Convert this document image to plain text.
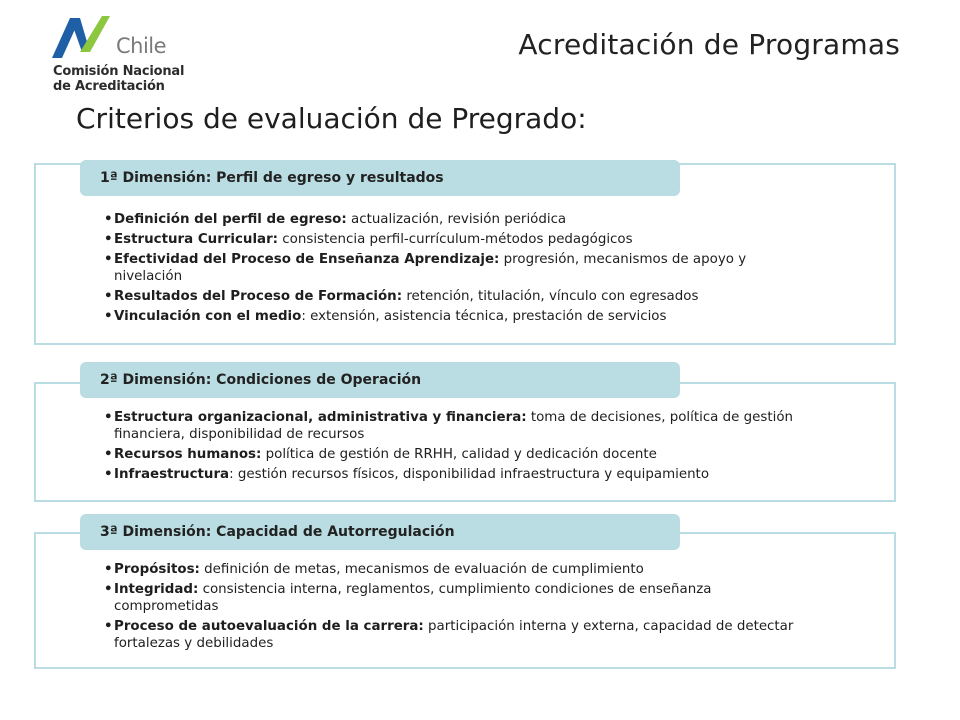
Chile
Comisión Nacional
de Acreditación
Acreditación de Programas
Criterios de evaluación de Pregrado:
1ª Dimensión: Perfil de egreso y resultados
• Definición del perfil de egreso: actualización, revisión periódica
• Estructura Curricular: consistencia perfil-currículum-métodos pedagógicos
• Efectividad del Proceso de Enseñanza Aprendizaje: progresión, mecanismos de apoyo y nivelación
• Resultados del Proceso de Formación: retención, titulación, vínculo con egresados
• Vinculación con el medio: extensión, asistencia técnica, prestación de servicios
2ª Dimensión: Condiciones de Operación
• Estructura organizacional, administrativa y financiera: toma de decisiones, política de gestión financiera, disponibilidad de recursos
• Recursos humanos: política de gestión de RRHH, calidad y dedicación docente
• Infraestructura: gestión recursos físicos, disponibilidad infraestructura y equipamiento
3ª Dimensión: Capacidad de Autorregulación
• Propósitos: definición de metas, mecanismos de evaluación de cumplimiento
• Integridad: consistencia interna, reglamentos, cumplimiento condiciones de enseñanza comprometidas
• Proceso de autoevaluación de la carrera: participación interna y externa, capacidad de detectar fortalezas y debilidades
